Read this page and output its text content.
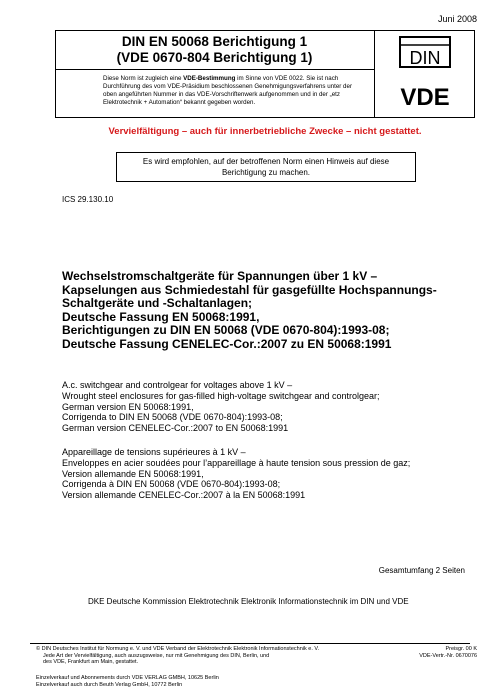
Juni 2008
DIN EN 50068 Berichtigung 1
(VDE 0670-804 Berichtigung 1)
Diese Norm ist zugleich eine VDE-Bestimmung im Sinne von VDE 0022. Sie ist nach Durchführung des vom VDE-Präsidium beschlossenen Genehmigungsverfahrens unter der oben angeführten Nummer in das VDE-Vorschriftenwerk aufgenommen und in der „etz Elektrotechnik + Automation“ bekannt gegeben worden.
DIN
VDE
Vervielfältigung – auch für innerbetriebliche Zwecke – nicht gestattet.
Es wird empfohlen, auf der betroffenen Norm einen Hinweis auf diese
Berichtigung zu machen.
ICS 29.130.10
Wechselstromschaltgeräte für Spannungen über 1 kV –
Kapselungen aus Schmiedestahl für gasgefüllte Hochspannungs-
Schaltgeräte und -Schaltanlagen;
Deutsche Fassung EN 50068:1991,
Berichtigungen zu DIN EN 50068 (VDE 0670-804):1993-08;
Deutsche Fassung CENELEC-Cor.:2007 zu EN 50068:1991
A.c. switchgear and controlgear for voltages above 1 kV –
Wrought steel enclosures for gas-filled high-voltage switchgear and controlgear;
German version EN 50068:1991,
Corrigenda to DIN EN 50068 (VDE 0670-804):1993-08;
German version CENELEC-Cor.:2007 to EN 50068:1991
Appareillage de tensions supérieures à 1 kV –
Enveloppes en acier soudées pour l’appareillage à haute tension sous pression de gaz;
Version allemande EN 50068:1991,
Corrigenda à DIN EN 50068 (VDE 0670-804):1993-08;
Version allemande CENELEC-Cor.:2007 à la EN 50068:1991
Gesamtumfang 2 Seiten
DKE Deutsche Kommission Elektrotechnik Elektronik Informationstechnik im DIN und VDE
© DIN Deutsches Institut für Normung e. V. und VDE Verband der Elektrotechnik Elektronik Informationstechnik e. V.
Jede Art der Vervielfältigung, auch auszugsweise, nur mit Genehmigung des DIN, Berlin, und
des VDE, Frankfurt am Main, gestattet.
Einzelverkauf und Abonnements durch VDE VERLAG GMBH, 10625 Berlin
Einzelverkauf auch durch Beuth Verlag GmbH, 10772 Berlin
Preisgr. 00 K
VDE-Vertr.-Nr. 0670076
